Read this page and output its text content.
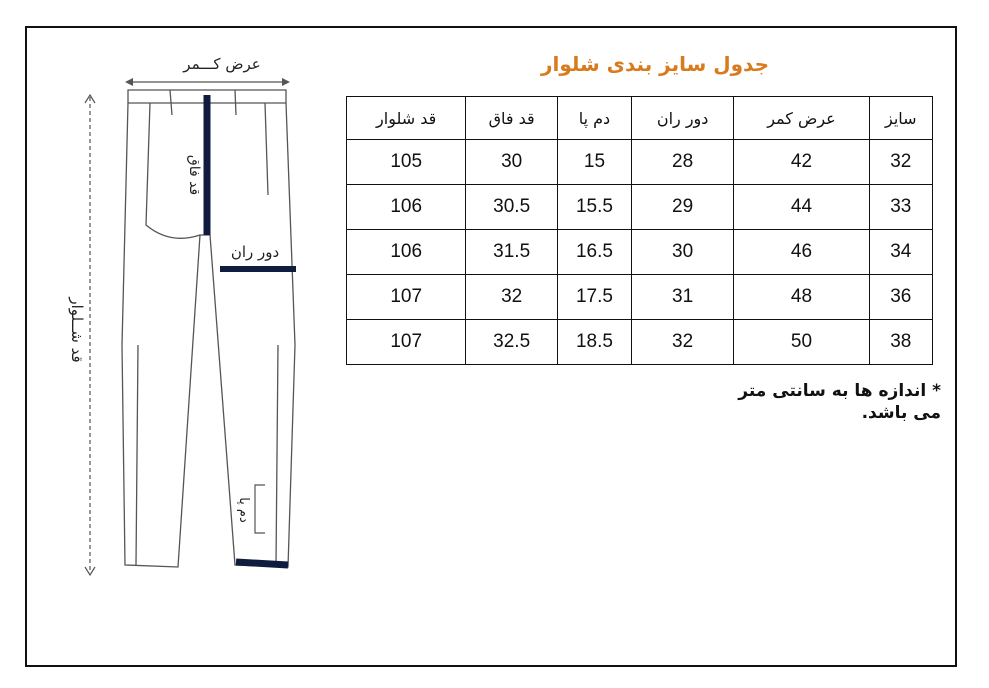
عرض کـــمر
قد شــلوار
قد فاق
دور ران
دم پا
جدول سایز بندی شلوار
سایز	عرض کمر	دور ران	دم پا	قد فاق	قد شلوار
32	42	28	15	30	105
33	44	29	15.5	30.5	106
34	46	30	16.5	31.5	106
36	48	31	17.5	32	107
38	50	32	18.5	32.5	107
* اندازه ها به سانتی متر
می باشد.
